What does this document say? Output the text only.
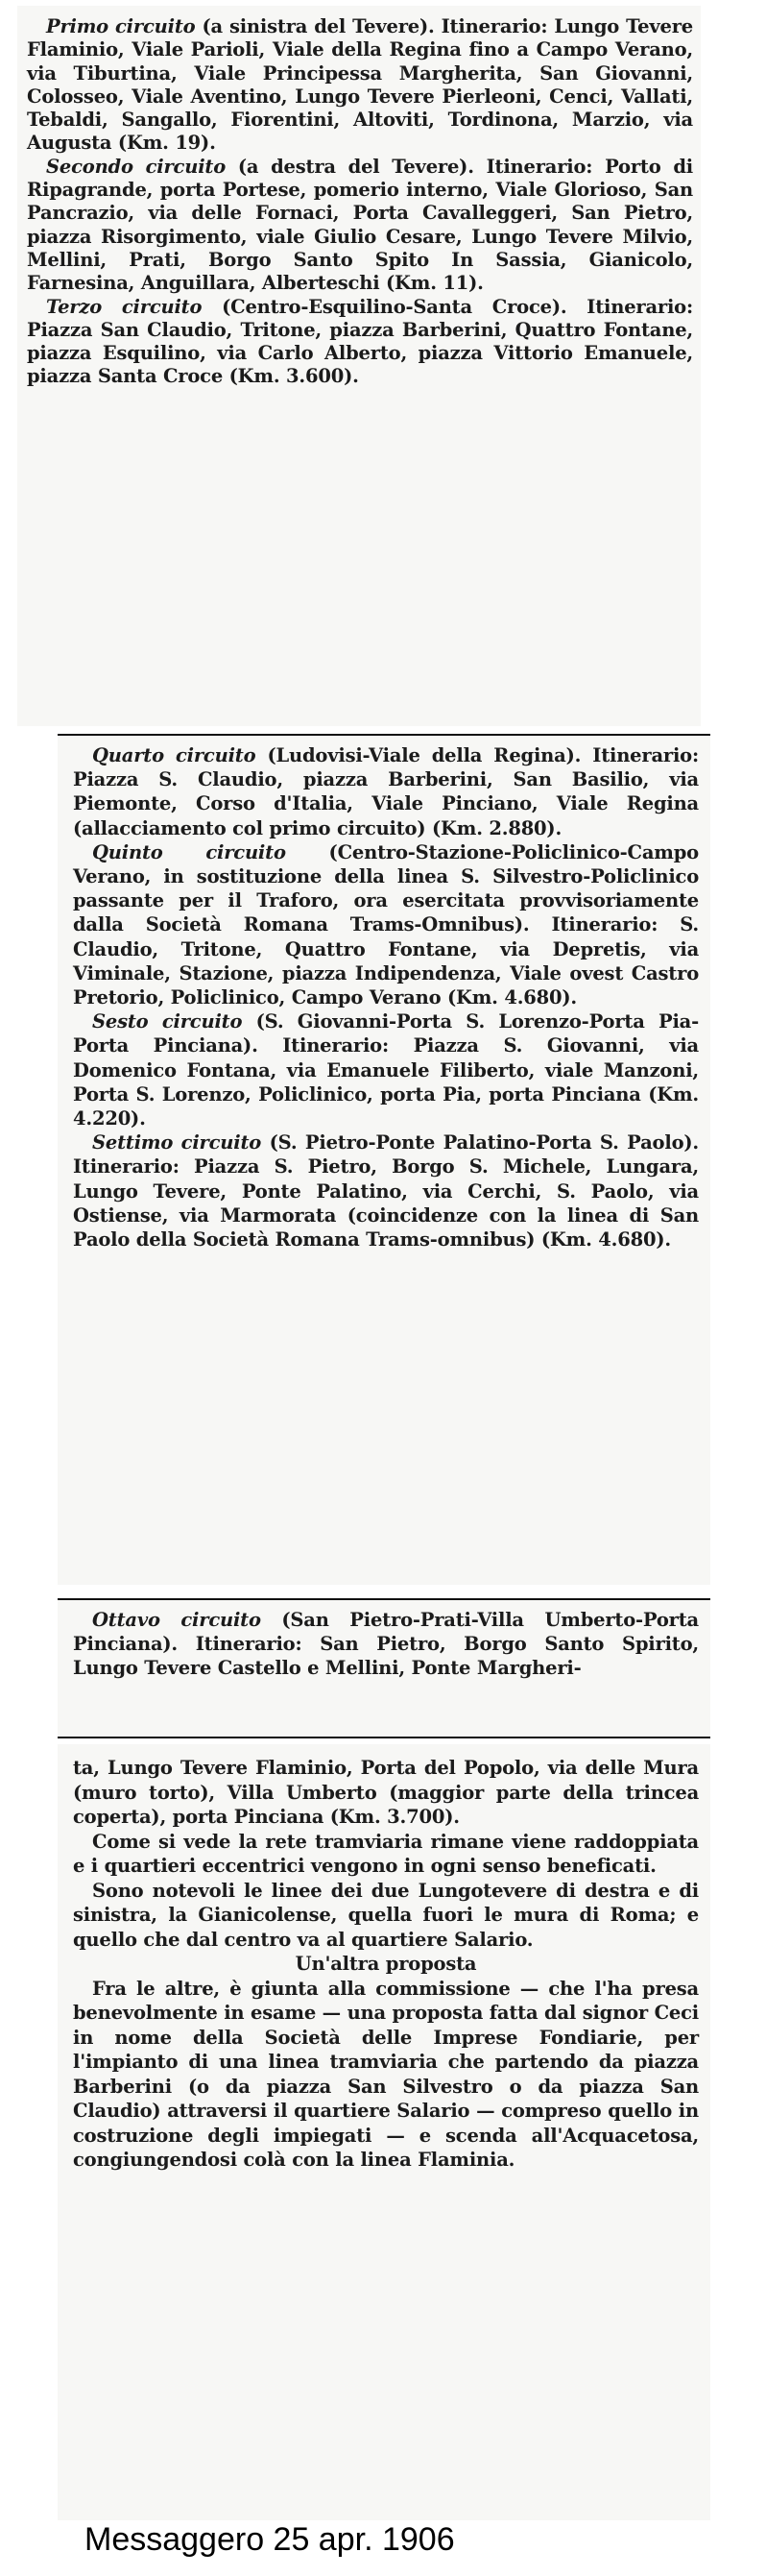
Primo circuito (a sinistra del Tevere). Itinerario: Lungo Tevere Flaminio, Viale Parioli, Viale della Regina fino a Campo Verano, via Tiburtina, Viale Principessa Margherita, San Giovanni, Colosseo, Viale Aventino, Lungo Tevere Pierleoni, Cenci, Vallati, Tebaldi, Sangallo, Fiorentini, Altoviti, Tordinona, Marzio, via Augusta (Km. 19).

Secondo circuito (a destra del Tevere). Itinerario: Porto di Ripagrande, porta Portese, pomerio interno, Viale Glorioso, San Pancrazio, via delle Fornaci, Porta Cavalleggeri, San Pietro, piazza Risorgimento, viale Giulio Cesare, Lungo Tevere Milvio, Mellini, Prati, Borgo Santo Spito In Sassia, Gianicolo, Farnesina, Anguillara, Alberteschi (Km. 11).

Terzo circuito (Centro-Esquilino-Santa Croce). Itinerario: Piazza San Claudio, Tritone, piazza Barberini, Quattro Fontane, piazza Esquilino, via Carlo Alberto, piazza Vittorio Emanuele, piazza Santa Croce (Km. 3.600).

Quarto circuito (Ludovisi-Viale della Regina). Itinerario: Piazza S. Claudio, piazza Barberini, San Basilio, via Piemonte, Corso d'Italia, Viale Pinciano, Viale Regina (allacciamento col primo circuito) (Km. 2.880).

Quinto circuito (Centro-Stazione-Policlinico-Campo Verano, in sostituzione della linea S. Silvestro-Policlinico passante per il Traforo, ora esercitata provvisoriamente dalla Società Romana Trams-Omnibus). Itinerario: S. Claudio, Tritone, Quattro Fontane, via Depretis, via Viminale, Stazione, piazza Indipendenza, Viale ovest Castro Pretorio, Policlinico, Campo Verano (Km. 4.680).

Sesto circuito (S. Giovanni-Porta S. Lorenzo-Porta Pia-Porta Pinciana). Itinerario: Piazza S. Giovanni, via Domenico Fontana, via Emanuele Filiberto, viale Manzoni, Porta S. Lorenzo, Policlinico, porta Pia, porta Pinciana (Km. 4.220).

Settimo circuito (S. Pietro-Ponte Palatino-Porta S. Paolo). Itinerario: Piazza S. Pietro, Borgo S. Michele, Lungara, Lungo Tevere, Ponte Palatino, via Cerchi, S. Paolo, via Ostiense, via Marmorata (coincidenze con la linea di San Paolo della Società Romana Trams-omnibus) (Km. 4.680).

Ottavo circuito (San Pietro-Prati-Villa Umberto-Porta Pinciana). Itinerario: San Pietro, Borgo Santo Spirito, Lungo Tevere Castello e Mellini, Ponte Margheri-

ta, Lungo Tevere Flaminio, Porta del Popolo, via delle Mura (muro torto), Villa Umberto (maggior parte della trincea coperta), porta Pinciana (Km. 3.700).

Come si vede la rete tramviaria rimane viene raddoppiata e i quartieri eccentrici vengono in ogni senso beneficati.

Sono notevoli le linee dei due Lungotevere di destra e di sinistra, la Gianicolense, quella fuori le mura di Roma; e quello che dal centro va al quartiere Salario.

Un'altra proposta

Fra le altre, è giunta alla commissione — che l'ha presa benevolmente in esame — una proposta fatta dal signor Ceci in nome della Società delle Imprese Fondiarie, per l'impianto di una linea tramviaria che partendo da piazza Barberini (o da piazza San Silvestro o da piazza San Claudio) attraversi il quartiere Salario — compreso quello in costruzione degli impiegati — e scenda all'Acquacetosa, congiungendosi colà con la linea Flaminia.

Messaggero 25 apr. 1906
